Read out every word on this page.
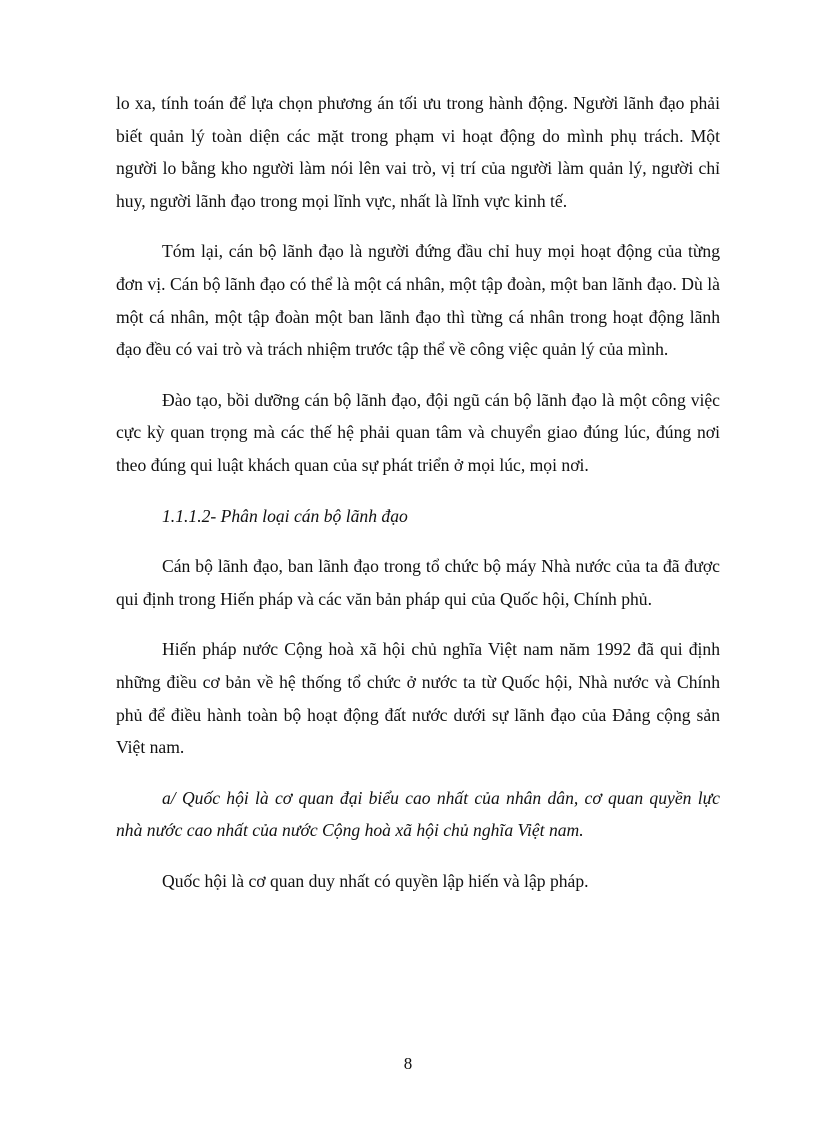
lo xa, tính toán để lựa chọn phương án tối ưu trong hành động. Người lãnh đạo phải biết quản lý toàn diện các mặt trong phạm vi hoạt động do mình phụ trách. Một người lo bằng kho người làm nói lên vai trò, vị trí của người làm quản lý, người chỉ huy, người lãnh đạo trong mọi lĩnh vực, nhất là lĩnh vực kinh tế.

Tóm lại, cán bộ lãnh đạo là người đứng đầu chỉ huy mọi hoạt động của từng đơn vị. Cán bộ lãnh đạo có thể là một cá nhân, một tập đoàn, một ban lãnh đạo. Dù là một cá nhân, một tập đoàn một ban lãnh đạo thì từng cá nhân trong hoạt động lãnh đạo đều có vai trò và trách nhiệm trước tập thể về công việc quản lý của mình.

Đào tạo, bồi dưỡng cán bộ lãnh đạo, đội ngũ cán bộ lãnh đạo là một công việc cực kỳ quan trọng mà các thế hệ phải quan tâm và chuyển giao đúng lúc, đúng nơi theo đúng qui luật khách quan của sự phát triển ở mọi lúc, mọi nơi.

1.1.1.2- Phân loại cán bộ lãnh đạo

Cán bộ lãnh đạo, ban lãnh đạo trong tổ chức bộ máy Nhà nước của ta đã được qui định trong Hiến pháp và các văn bản pháp qui của Quốc hội, Chính phủ.

Hiến pháp nước Cộng hoà xã hội chủ nghĩa Việt nam năm 1992 đã qui định những điều cơ bản về hệ thống tổ chức ở nước ta từ Quốc hội, Nhà nước và Chính phủ để điều hành toàn bộ hoạt động đất nước dưới sự lãnh đạo của Đảng cộng sản Việt nam.

a/ Quốc hội là cơ quan đại biểu cao nhất của nhân dân, cơ quan quyền lực nhà nước cao nhất của nước Cộng hoà xã hội chủ nghĩa Việt nam.

Quốc hội là cơ quan duy nhất có quyền lập hiến và lập pháp.

8
